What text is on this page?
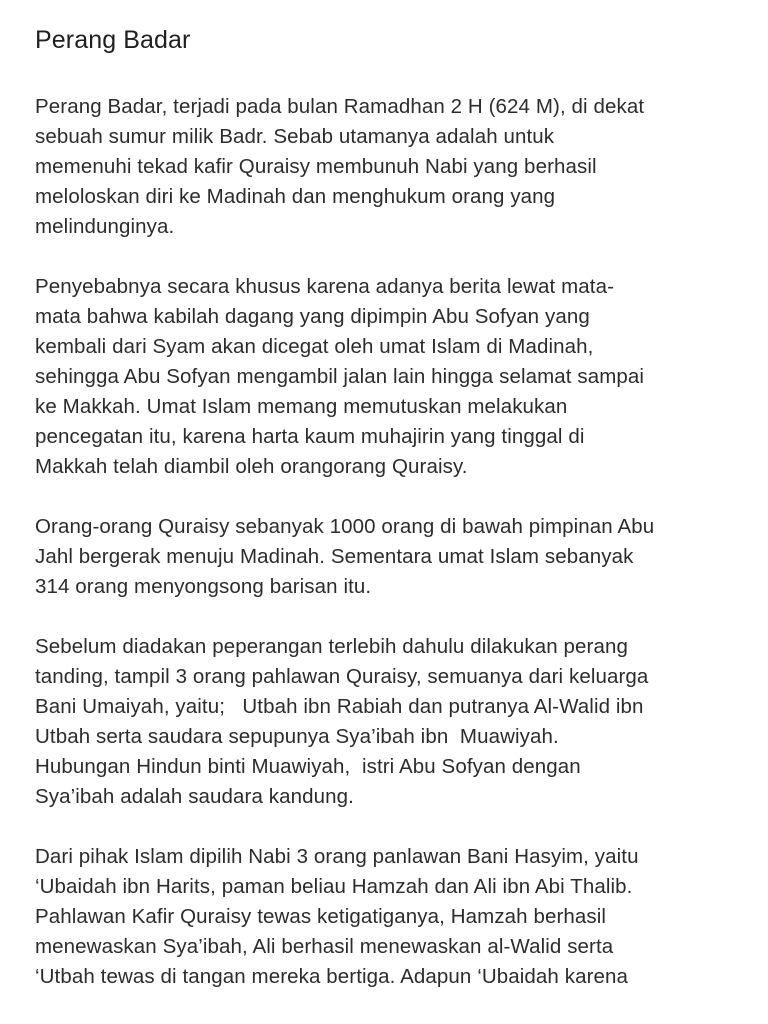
Perang Badar

Perang Badar, terjadi pada bulan Ramadhan 2 H (624 M), di dekat
sebuah sumur milik Badr. Sebab utamanya adalah untuk
memenuhi tekad kafir Quraisy membunuh Nabi yang berhasil
meloloskan diri ke Madinah dan menghukum orang yang
melindunginya.

Penyebabnya secara khusus karena adanya berita lewat mata-
mata bahwa kabilah dagang yang dipimpin Abu Sofyan yang
kembali dari Syam akan dicegat oleh umat Islam di Madinah,
sehingga Abu Sofyan mengambil jalan lain hingga selamat sampai
ke Makkah. Umat Islam memang memutuskan melakukan
pencegatan itu, karena harta kaum muhajirin yang tinggal di
Makkah telah diambil oleh orangorang Quraisy.

Orang-orang Quraisy sebanyak 1000 orang di bawah pimpinan Abu
Jahl bergerak menuju Madinah. Sementara umat Islam sebanyak
314 orang menyongsong barisan itu.

Sebelum diadakan peperangan terlebih dahulu dilakukan perang
tanding, tampil 3 orang pahlawan Quraisy, semuanya dari keluarga
Bani Umaiyah, yaitu;   Utbah ibn Rabiah dan putranya Al-Walid ibn
Utbah serta saudara sepupunya Sya’ibah ibn  Muawiyah.
Hubungan Hindun binti Muawiyah,  istri Abu Sofyan dengan
Sya’ibah adalah saudara kandung.

Dari pihak Islam dipilih Nabi 3 orang panlawan Bani Hasyim, yaitu
‘Ubaidah ibn Harits, paman beliau Hamzah dan Ali ibn Abi Thalib.
Pahlawan Kafir Quraisy tewas ketigatiganya, Hamzah berhasil
menewaskan Sya’ibah, Ali berhasil menewaskan al-Walid serta
‘Utbah tewas di tangan mereka bertiga. Adapun ‘Ubaidah karena
